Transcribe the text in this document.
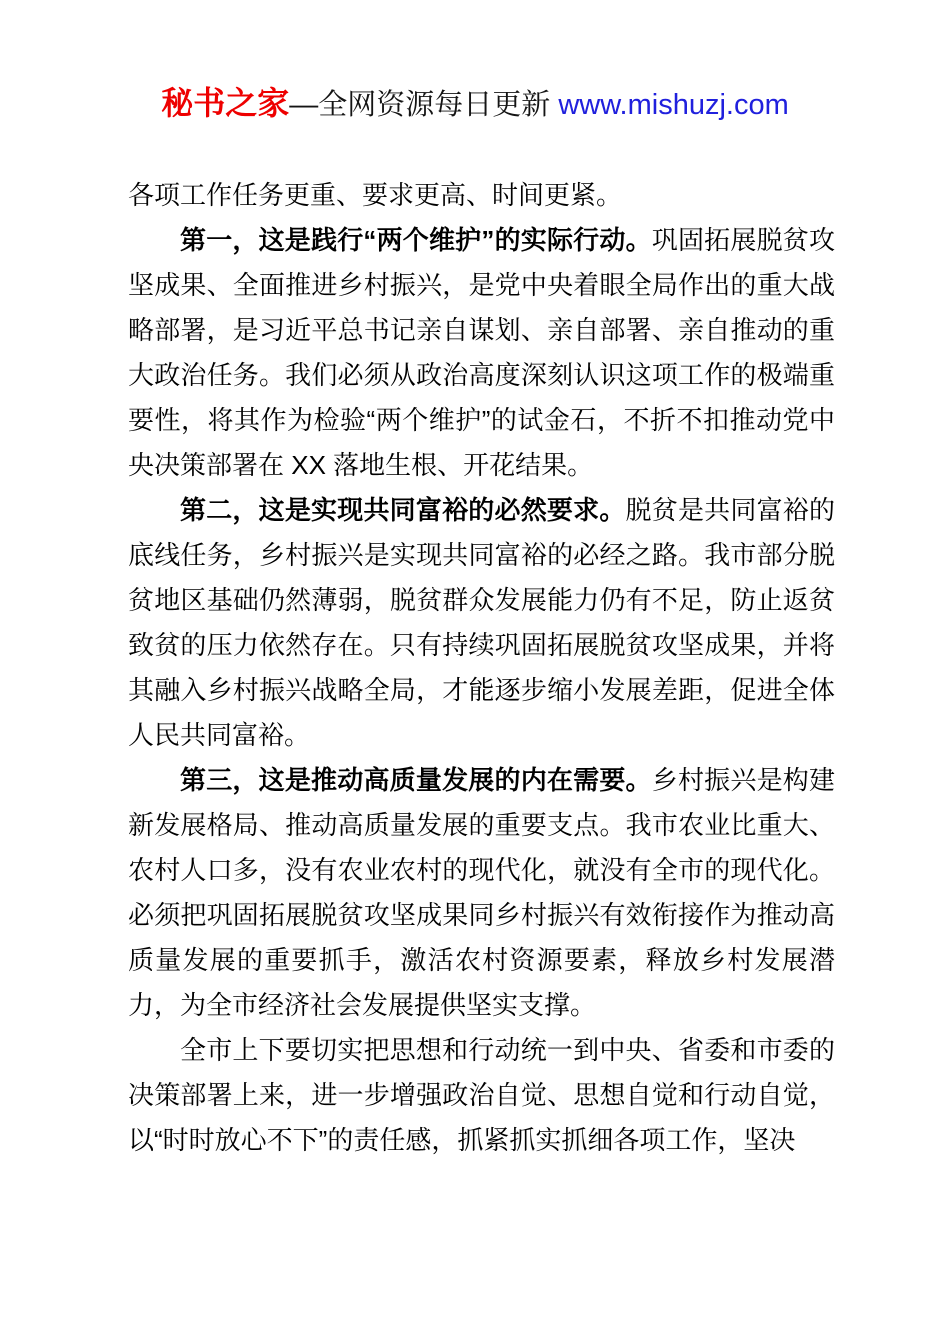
秘书之家—全网资源每日更新 www.mishuzj.com

各项工作任务更重、要求更高、时间更紧。

第一，这是践行“两个维护”的实际行动。巩固拓展脱贫攻坚成果、全面推进乡村振兴，是党中央着眼全局作出的重大战略部署，是习近平总书记亲自谋划、亲自部署、亲自推动的重大政治任务。我们必须从政治高度深刻认识这项工作的极端重要性，将其作为检验“两个维护”的试金石，不折不扣推动党中央决策部署在 XX 落地生根、开花结果。

第二，这是实现共同富裕的必然要求。脱贫是共同富裕的底线任务，乡村振兴是实现共同富裕的必经之路。我市部分脱贫地区基础仍然薄弱，脱贫群众发展能力仍有不足，防止返贫致贫的压力依然存在。只有持续巩固拓展脱贫攻坚成果，并将其融入乡村振兴战略全局，才能逐步缩小发展差距，促进全体人民共同富裕。

第三，这是推动高质量发展的内在需要。乡村振兴是构建新发展格局、推动高质量发展的重要支点。我市农业比重大、农村人口多，没有农业农村的现代化，就没有全市的现代化。必须把巩固拓展脱贫攻坚成果同乡村振兴有效衔接作为推动高质量发展的重要抓手，激活农村资源要素，释放乡村发展潜力，为全市经济社会发展提供坚实支撑。

全市上下要切实把思想和行动统一到中央、省委和市委的决策部署上来，进一步增强政治自觉、思想自觉和行动自觉，以“时时放心不下”的责任感，抓紧抓实抓细各项工作，坚决
